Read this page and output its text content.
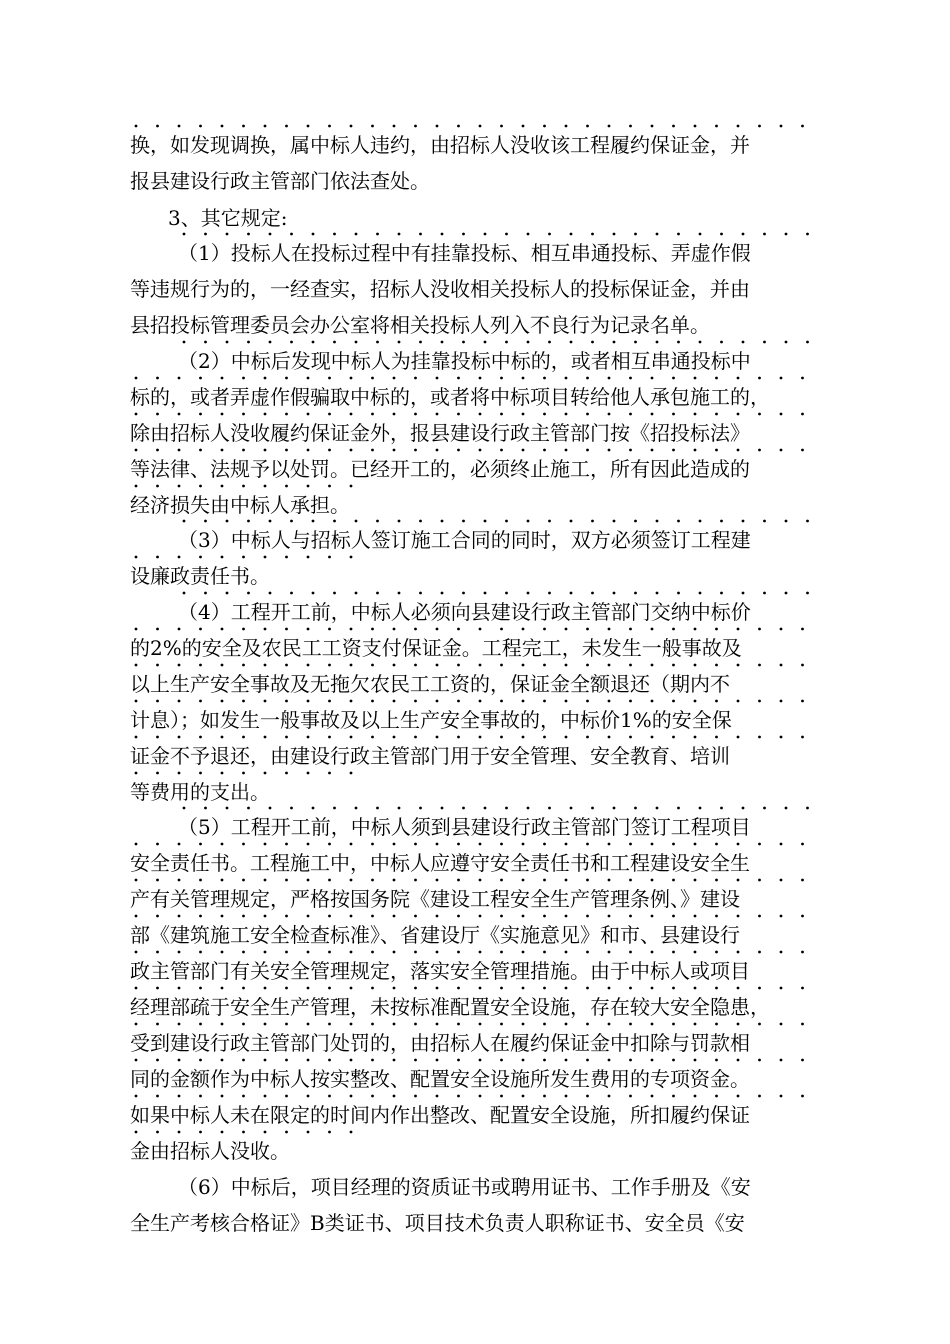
换，如发现调换，属中标人违约，由招标人没收该工程履约保证金，并

报县建设行政主管部门依法查处。

3、其它规定:

（1）投标人在投标过程中有挂靠投标、相互串通投标、弄虚作假

等违规行为的，一经查实，招标人没收相关投标人的投标保证金，并由

县招投标管理委员会办公室将相关投标人列入不良行为记录名单。

（2）中标后发现中标人为挂靠投标中标的，或者相互串通投标中

标的，或者弄虚作假骗取中标的，或者将中标项目转给他人承包施工的，

除由招标人没收履约保证金外，报县建设行政主管部门按《招投标法》

等法律、法规予以处罚。已经开工的，必须终止施工，所有因此造成的

经济损失由中标人承担。

（3）中标人与招标人签订施工合同的同时，双方必须签订工程建

设廉政责任书。

（4）工程开工前，中标人必须向县建设行政主管部门交纳中标价

的2%的安全及农民工工资支付保证金。工程完工，未发生一般事故及

以上生产安全事故及无拖欠农民工工资的，保证金全额退还（期内不

计息）；如发生一般事故及以上生产安全事故的，中标价1%的安全保

证金不予退还，由建设行政主管部门用于安全管理、安全教育、培训

等费用的支出。

（5）工程开工前，中标人须到县建设行政主管部门签订工程项目

安全责任书。工程施工中，中标人应遵守安全责任书和工程建设安全生

产有关管理规定，严格按国务院《建设工程安全生产管理条例、》建设

部《建筑施工安全检查标准》、省建设厅《实施意见》和市、县建设行

政主管部门有关安全管理规定，落实安全管理措施。由于中标人或项目

经理部疏于安全生产管理，未按标准配置安全设施，存在较大安全隐患，

受到建设行政主管部门处罚的，由招标人在履约保证金中扣除与罚款相

同的金额作为中标人按实整改、配置安全设施所发生费用的专项资金。

如果中标人未在限定的时间内作出整改、配置安全设施，所扣履约保证

金由招标人没收。

（6）中标后，项目经理的资质证书或聘用证书、工作手册及《安

全生产考核合格证》B类证书、项目技术负责人职称证书、安全员《安
